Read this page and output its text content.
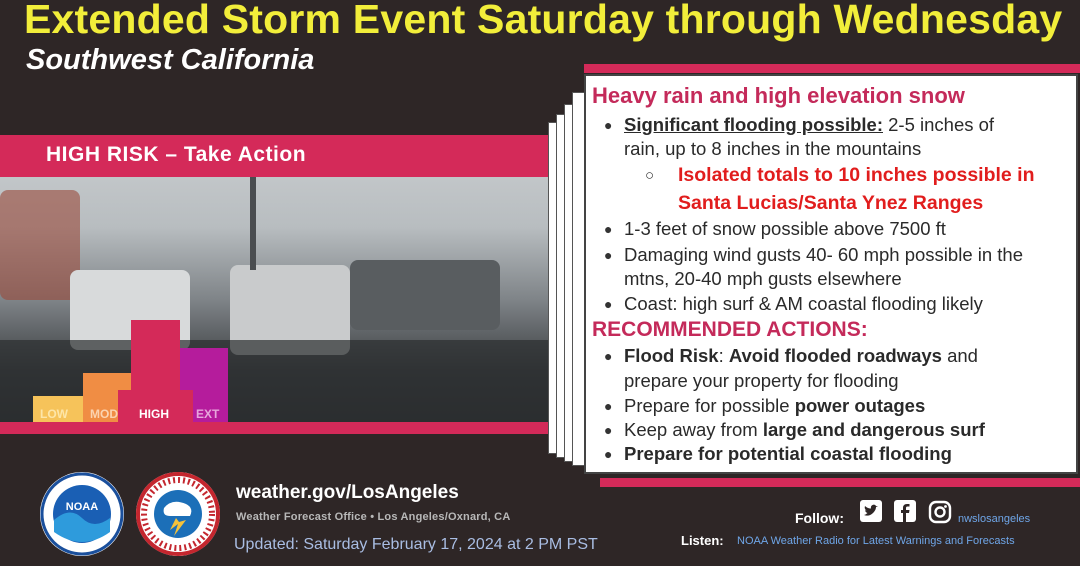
Extended Storm Event Saturday through Wednesday
Southwest California
HIGH RISK – Take Action
LOW MOD HIGH EXT
Heavy rain and high elevation snow
● Significant flooding possible: 2-5 inches of
rain, up to 8 inches in the mountains
○ Isolated totals to 10 inches possible in
Santa Lucias/Santa Ynez Ranges
● 1-3 feet of snow possible above 7500 ft
● Damaging wind gusts 40- 60 mph possible in the
mtns, 20-40 mph gusts elsewhere
● Coast: high surf & AM coastal flooding likely
RECOMMENDED ACTIONS:
● Flood Risk: Avoid flooded roadways and
prepare your property for flooding
● Prepare for possible power outages
● Keep away from large and dangerous surf
● Prepare for potential coastal flooding
NOAA
weather.gov/LosAngeles
Weather Forecast Office • Los Angeles/Oxnard, CA
Updated: Saturday February 17, 2024 at 2 PM PST
Follow:	nwslosangeles
Listen: NOAA Weather Radio for Latest Warnings and Forecasts
